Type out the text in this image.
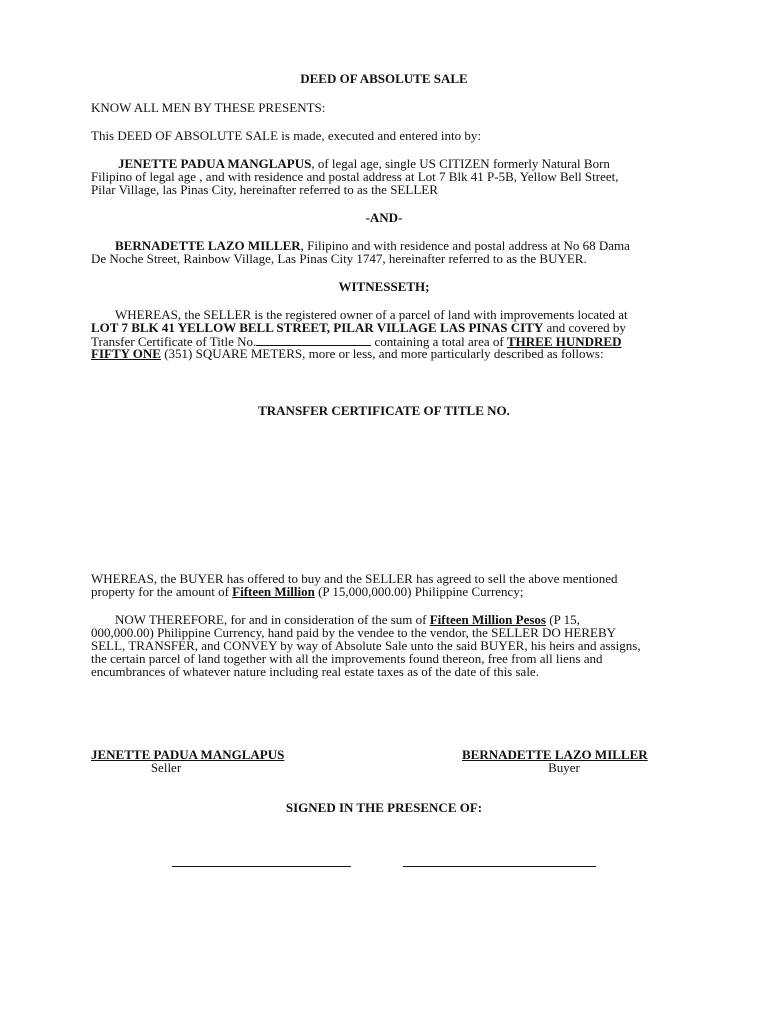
DEED OF ABSOLUTE SALE
KNOW ALL MEN BY THESE PRESENTS:
This DEED OF ABSOLUTE SALE is made, executed and entered into by:
JENETTE PADUA MANGLAPUS, of legal age, single US CITIZEN formerly Natural Born
Filipino of legal age , and with residence and postal address at Lot 7 Blk 41 P-5B, Yellow Bell Street,
Pilar Village, las Pinas City, hereinafter referred to as the SELLER
-AND-
BERNADETTE LAZO MILLER, Filipino and with residence and postal address at No 68 Dama
De Noche Street, Rainbow Village, Las Pinas City 1747, hereinafter referred to as the BUYER.
WITNESSETH;
WHEREAS, the SELLER is the registered owner of a parcel of land with improvements located at
LOT 7 BLK 41 YELLOW BELL STREET, PILAR VILLAGE LAS PINAS CITY and covered by
Transfer Certificate of Title No.	containing a total area of THREE HUNDRED
FIFTY ONE (351) SQUARE METERS, more or less, and more particularly described as follows:
TRANSFER CERTIFICATE OF TITLE NO.
WHEREAS, the BUYER has offered to buy and the SELLER has agreed to sell the above mentioned
property for the amount of Fifteen Million (P 15,000,000.00) Philippine Currency;
NOW THEREFORE, for and in consideration of the sum of Fifteen Million Pesos (P 15,
000,000.00) Philippine Currency, hand paid by the vendee to the vendor, the SELLER DO HEREBY
SELL, TRANSFER, and CONVEY by way of Absolute Sale unto the said BUYER, his heirs and assigns,
the certain parcel of land together with all the improvements found thereon, free from all liens and
encumbrances of whatever nature including real estate taxes as of the date of this sale.
JENETTE PADUA MANGLAPUS
Seller
BERNADETTE LAZO MILLER
Buyer
SIGNED IN THE PRESENCE OF:
